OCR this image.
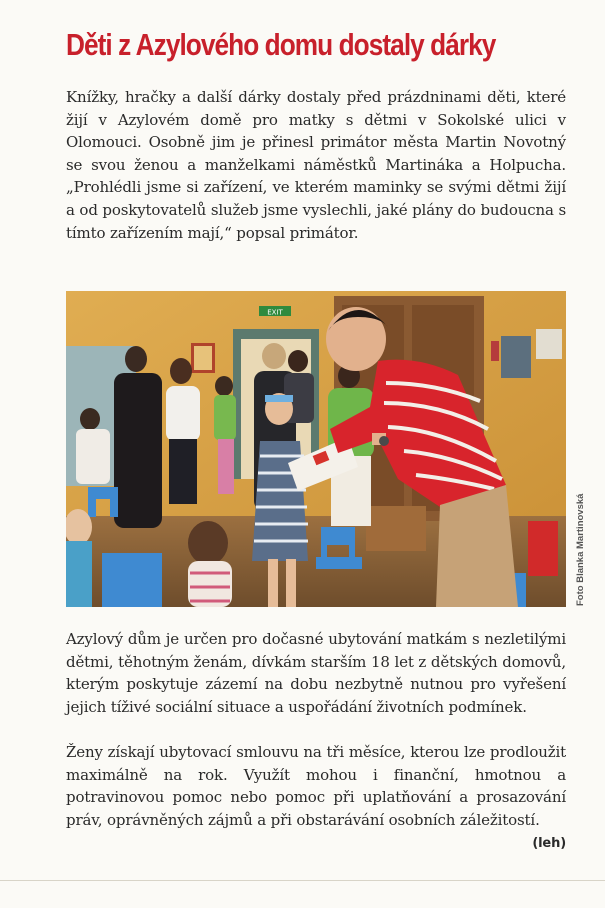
Děti z Azylového domu dostaly dárky

Knížky, hračky a další dárky dostaly před prázdninami děti, které žijí v Azylovém domě pro matky s dětmi v Sokolské ulici v Olomouci. Osobně jim je přinesl primátor města Martin Novotný se svou ženou a manželkami náměstků Martináka a Holpucha. „Prohlédli jsme si zařízení, ve kterém maminky se svými dětmi žijí a od poskytovatelů služeb jsme vyslechli, jaké plány do budoucna s tímto zařízením mají,“ popsal primátor.

EXIT
Foto Blanka Martinovská

Azylový dům je určen pro dočasné ubytování matkám s nezletilými dětmi, těhotným ženám, dívkám starším 18 let z dětských domovů, kterým poskytuje zázemí na dobu nezbytně nutnou pro vyřešení jejich tíživé sociální situace a uspořádání životních podmínek.

Ženy získají ubytovací smlouvu na tři měsíce, kterou lze prodloužit maximálně na rok. Využít mohou i finanční, hmotnou a potravinovou pomoc nebo pomoc při uplatňování a prosazování práv, oprávněných zájmů a při obstarávání osobních záležitostí.
(leh)
